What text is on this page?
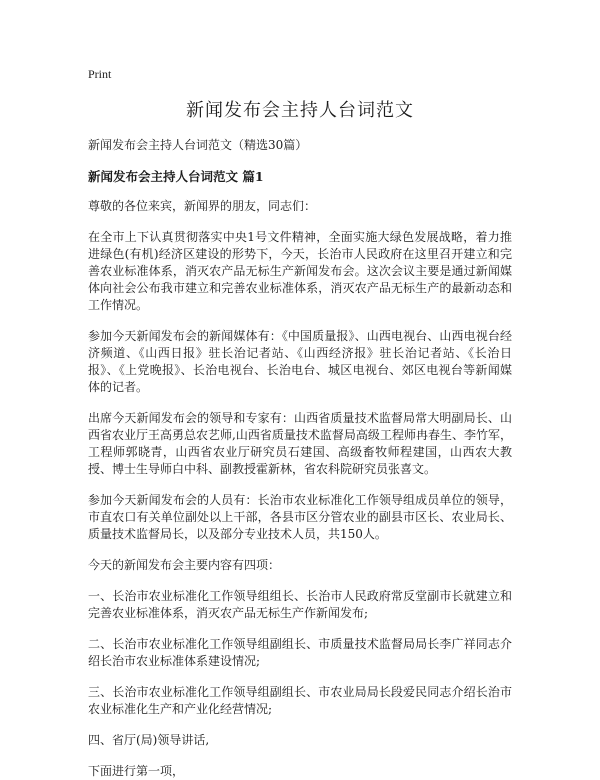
Print
新闻发布会主持人台词范文
新闻发布会主持人台词范文（精选30篇）
新闻发布会主持人台词范文 篇1
尊敬的各位来宾，新闻界的朋友，同志们：
在全市上下认真贯彻落实中央1号文件精神，全面实施大绿色发展战略，着力推进绿色(有机)经济区建设的形势下，今天，长治市人民政府在这里召开建立和完善农业标准体系，消灭农产品无标生产新闻发布会。这次会议主要是通过新闻媒体向社会公布我市建立和完善农业标准体系，消灭农产品无标生产的最新动态和工作情况。
参加今天新闻发布会的新闻媒体有：《中国质量报》、山西电视台、山西电视台经济频道、《山西日报》驻长治记者站、《山西经济报》驻长治记者站、《长治日报》、《上党晚报》、长治电视台、长治电台、城区电视台、郊区电视台等新闻媒体的记者。
出席今天新闻发布会的领导和专家有：山西省质量技术监督局常大明副局长、山西省农业厅王高勇总农艺师,山西省质量技术监督局高级工程师冉春生、李竹军，工程师郭晓青，山西省农业厅研究员石建国、高级畜牧师程建国，山西农大教授、博士生导师白中科、副教授霍新林，省农科院研究员张喜文。
参加今天新闻发布会的人员有：长治市农业标准化工作领导组成员单位的领导，市直农口有关单位副处以上干部，各县市区分管农业的副县市区长、农业局长、质量技术监督局长，以及部分专业技术人员，共150人。
今天的新闻发布会主要内容有四项：
一、长治市农业标准化工作领导组组长、长治市人民政府常反堂副市长就建立和完善农业标准体系，消灭农产品无标生产作新闻发布;
二、长治市农业标准化工作领导组副组长、市质量技术监督局局长李广祥同志介绍长治市农业标准体系建设情况;
三、长治市农业标准化工作领导组副组长、市农业局局长段爱民同志介绍长治市农业标准化生产和产业化经营情况;
四、省厅(局)领导讲话,
下面进行第一项，
